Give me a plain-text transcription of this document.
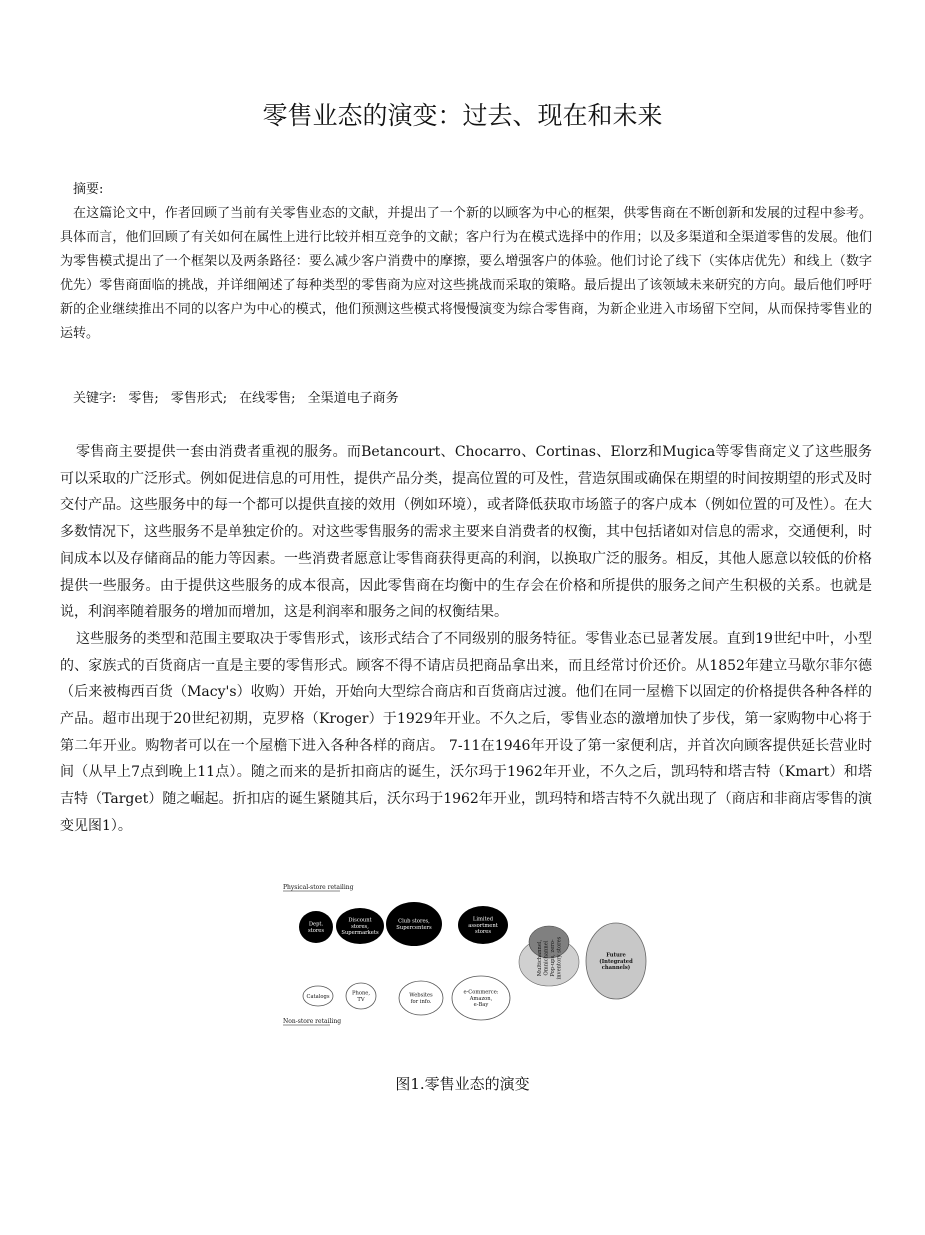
零售业态的演变：过去、现在和未来

摘要:

在这篇论文中，作者回顾了当前有关零售业态的文献，并提出了一个新的以顾客为中心的框架，供零售商在不断创新和发展的过程中参考。具体而言，他们回顾了有关如何在属性上进行比较并相互竞争的文献；客户行为在模式选择中的作用；以及多渠道和全渠道零售的发展。他们为零售模式提出了一个框架以及两条路径：要么减少客户消费中的摩擦，要么增强客户的体验。他们讨论了线下（实体店优先）和线上（数字优先）零售商面临的挑战，并详细阐述了每种类型的零售商为应对这些挑战而采取的策略。最后提出了该领域未来研究的方向。最后他们呼吁新的企业继续推出不同的以客户为中心的模式，他们预测这些模式将慢慢演变为综合零售商，为新企业进入市场留下空间，从而保持零售业的运转。

关键字: 零售; 零售形式; 在线零售; 全渠道电子商务

零售商主要提供一套由消费者重视的服务。而Betancourt、Chocarro、Cortinas、Elorz和Mugica等零售商定义了这些服务可以采取的广泛形式。例如促进信息的可用性，提供产品分类，提高位置的可及性，营造氛围或确保在期望的时间按期望的形式及时交付产品。这些服务中的每一个都可以提供直接的效用（例如环境），或者降低获取市场篮子的客户成本（例如位置的可及性）。在大多数情况下，这些服务不是单独定价的。对这些零售服务的需求主要来自消费者的权衡，其中包括诸如对信息的需求，交通便利，时间成本以及存储商品的能力等因素。一些消费者愿意让零售商获得更高的利润，以换取广泛的服务。相反，其他人愿意以较低的价格提供一些服务。由于提供这些服务的成本很高，因此零售商在均衡中的生存会在价格和所提供的服务之间产生积极的关系。也就是说，利润率随着服务的增加而增加，这是利润率和服务之间的权衡结果。

这些服务的类型和范围主要取决于零售形式，该形式结合了不同级别的服务特征。零售业态已显著发展。直到19世纪中叶，小型的、家族式的百货商店一直是主要的零售形式。顾客不得不请店员把商品拿出来，而且经常讨价还价。从1852年建立马歇尔菲尔德（后来被梅西百货（Macy's）收购）开始，开始向大型综合商店和百货商店过渡。他们在同一屋檐下以固定的价格提供各种各样的产品。超市出现于20世纪初期，克罗格（Kroger）于1929年开业。不久之后，零售业态的激增加快了步伐，第一家购物中心将于第二年开业。购物者可以在一个屋檐下进入各种各样的商店。 7-11在1946年开设了第一家便利店，并首次向顾客提供延长营业时间（从早上7点到晚上11点）。随之而来的是折扣商店的诞生，沃尔玛于1962年开业，不久之后，凯玛特和塔吉特（Kmart）和塔吉特（Target）随之崛起。折扣店的诞生紧随其后，沃尔玛于1962年开业，凯玛特和塔吉特不久就出现了（商店和非商店零售的演变见图1）。

Physical-store retailing
Non-store retailing
Dept. stores
Discount stores, Supermarkets
Club stores, Supercenters
Limited assortment stores
Catalogs
Phone, TV
Websites for info.
e-Commerce: Amazon, e-Bay
Multichannel,OmnichannelPop-ups, zero-inventory stores	Future (Integrated channels)
图1.零售业态的演变
